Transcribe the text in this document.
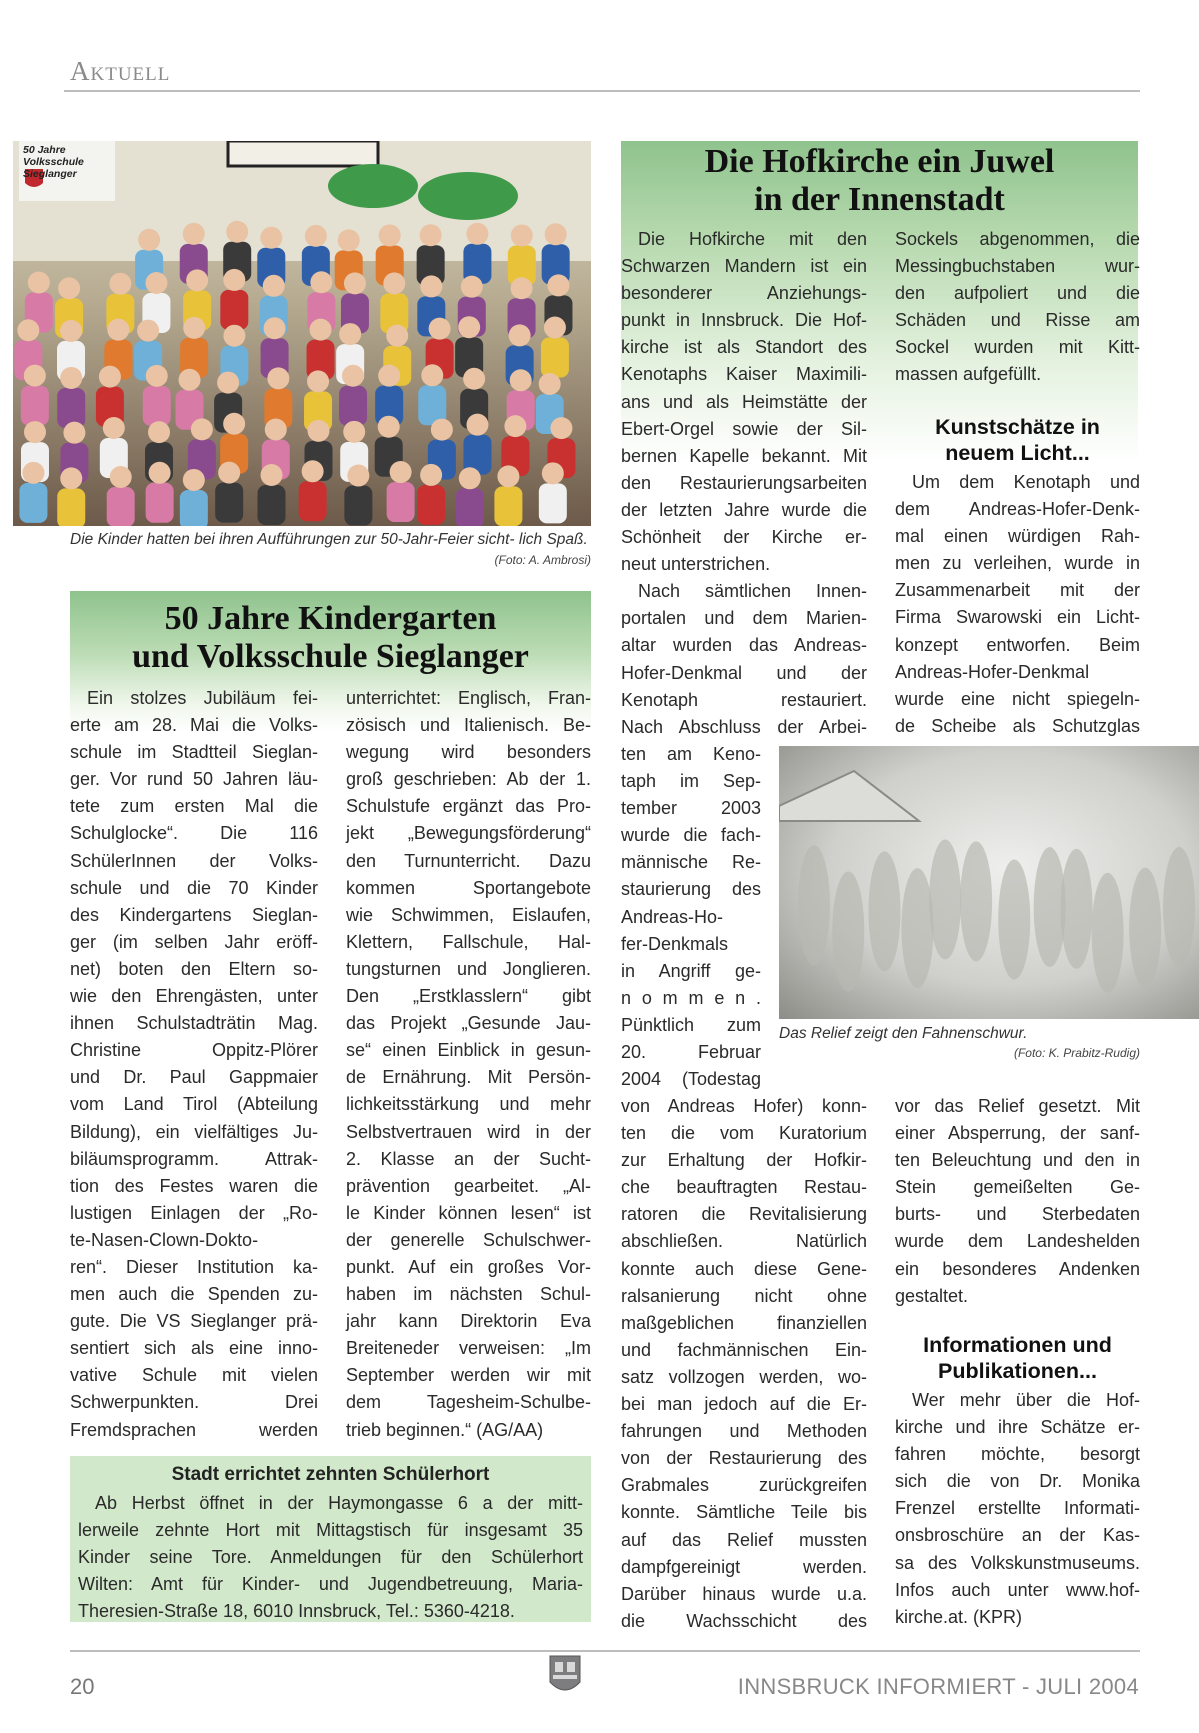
Aktuell
50 Jahre Volksschule Sieglanger
Die Kinder hatten bei ihren Aufführungen zur 50-Jahr-Feier sicht- lich Spaß.
(Foto: A. Ambrosi)
50 Jahre Kindergarten
und Volksschule Sieglanger
Ein stolzes Jubiläum fei-
erte am 28. Mai die Volks-
schule im Stadtteil Sieglan-
ger. Vor rund 50 Jahren läu-
tete zum ersten Mal die
Schulglocke“. Die 116
SchülerInnen der Volks-
schule und die 70 Kinder
des Kindergartens Sieglan-
ger (im selben Jahr eröff-
net) boten den Eltern so-
wie den Ehrengästen, unter
ihnen Schulstadträtin Mag.
Christine Oppitz-Plörer
und Dr. Paul Gappmaier
vom Land Tirol (Abteilung
Bildung), ein vielfältiges Ju-
biläumsprogramm. Attrak-
tion des Festes waren die
lustigen Einlagen der „Ro-
te-Nasen-Clown-Dokto-
ren“. Dieser Institution ka-
men auch die Spenden zu-
gute. Die VS Sieglanger prä-
sentiert sich als eine inno-
vative Schule mit vielen
Schwerpunkten. Drei
Fremdsprachen werden
unterrichtet: Englisch, Fran-
zösisch und Italienisch. Be-
wegung wird besonders
groß geschrieben: Ab der 1.
Schulstufe ergänzt das Pro-
jekt „Bewegungsförderung“
den Turnunterricht. Dazu
kommen Sportangebote
wie Schwimmen, Eislaufen,
Klettern, Fallschule, Hal-
tungsturnen und Jonglieren.
Den „Erstklasslern“ gibt
das Projekt „Gesunde Jau-
se“ einen Einblick in gesun-
de Ernährung. Mit Persön-
lichkeitsstärkung und mehr
Selbstvertrauen wird in der
2. Klasse an der Sucht-
prävention gearbeitet. „Al-
le Kinder können lesen“ ist
der generelle Schulschwer-
punkt. Auf ein großes Vor-
haben im nächsten Schul-
jahr kann Direktorin Eva
Breiteneder verweisen: „Im
September werden wir mit
dem Tagesheim-Schulbe-
trieb beginnen.“ (AG/AA)
Stadt errichtet zehnten Schülerhort
Ab Herbst öffnet in der Haymongasse 6 a der mitt-
lerweile zehnte Hort mit Mittagstisch für insgesamt 35
Kinder seine Tore. Anmeldungen für den Schülerhort
Wilten: Amt für Kinder- und Jugendbetreuung, Maria-
Theresien-Straße 18, 6010 Innsbruck, Tel.: 5360-4218.
Die Hofkirche ein Juwel
in der Innenstadt
Die Hofkirche mit den
Schwarzen Mandern ist ein
besonderer Anziehungs-
punkt in Innsbruck. Die Hof-
kirche ist als Standort des
Kenotaphs Kaiser Maximili-
ans und als Heimstätte der
Ebert-Orgel sowie der Sil-
bernen Kapelle bekannt. Mit
den Restaurierungsarbeiten
der letzten Jahre wurde die
Schönheit der Kirche er-
neut unterstrichen.
Nach sämtlichen Innen-
portalen und dem Marien-
altar wurden das Andreas-
Hofer-Denkmal und der
Kenotaph restauriert.
Nach Abschluss der Arbei-
ten am Keno-
taph im Sep-
tember 2003
wurde die fach-
männische Re-
staurierung des
Andreas-Ho-
fer-Denkmals
in Angriff ge-
n o m m e n .
Pünktlich zum
20. Februar
2004 (Todestag
von Andreas Hofer) konn-
ten die vom Kuratorium
zur Erhaltung der Hofkir-
che beauftragten Restau-
ratoren die Revitalisierung
abschließen. Natürlich
konnte auch diese Gene-
ralsanierung nicht ohne
maßgeblichen finanziellen
und fachmännischen Ein-
satz vollzogen werden, wo-
bei man jedoch auf die Er-
fahrungen und Methoden
von der Restaurierung des
Grabmales zurückgreifen
konnte. Sämtliche Teile bis
auf das Relief mussten
dampfgereinigt werden.
Darüber hinaus wurde u.a.
die Wachsschicht des
Sockels abgenommen, die
Messingbuchstaben wur-
den aufpoliert und die
Schäden und Risse am
Sockel wurden mit Kitt-
massen aufgefüllt.
Kunstschätze in
neuem Licht...
Um dem Kenotaph und
dem Andreas-Hofer-Denk-
mal einen würdigen Rah-
men zu verleihen, wurde in
Zusammenarbeit mit der
Firma Swarowski ein Licht-
konzept entworfen. Beim
Andreas-Hofer-Denkmal
wurde eine nicht spiegeln-
de Scheibe als Schutzglas
Das Relief zeigt den Fahnenschwur.
(Foto: K. Prabitz-Rudig)
vor das Relief gesetzt. Mit
einer Absperrung, der sanf-
ten Beleuchtung und den in
Stein gemeißelten Ge-
burts- und Sterbedaten
wurde dem Landeshelden
ein besonderes Andenken
gestaltet.
Informationen und
Publikationen...
Wer mehr über die Hof-
kirche und ihre Schätze er-
fahren möchte, besorgt
sich die von Dr. Monika
Frenzel erstellte Informati-
onsbroschüre an der Kas-
sa des Volkskunstmuseums.
Infos auch unter www.hof-
kirche.at. (KPR)
20	INNSBRUCK INFORMIERT - JULI 2004
